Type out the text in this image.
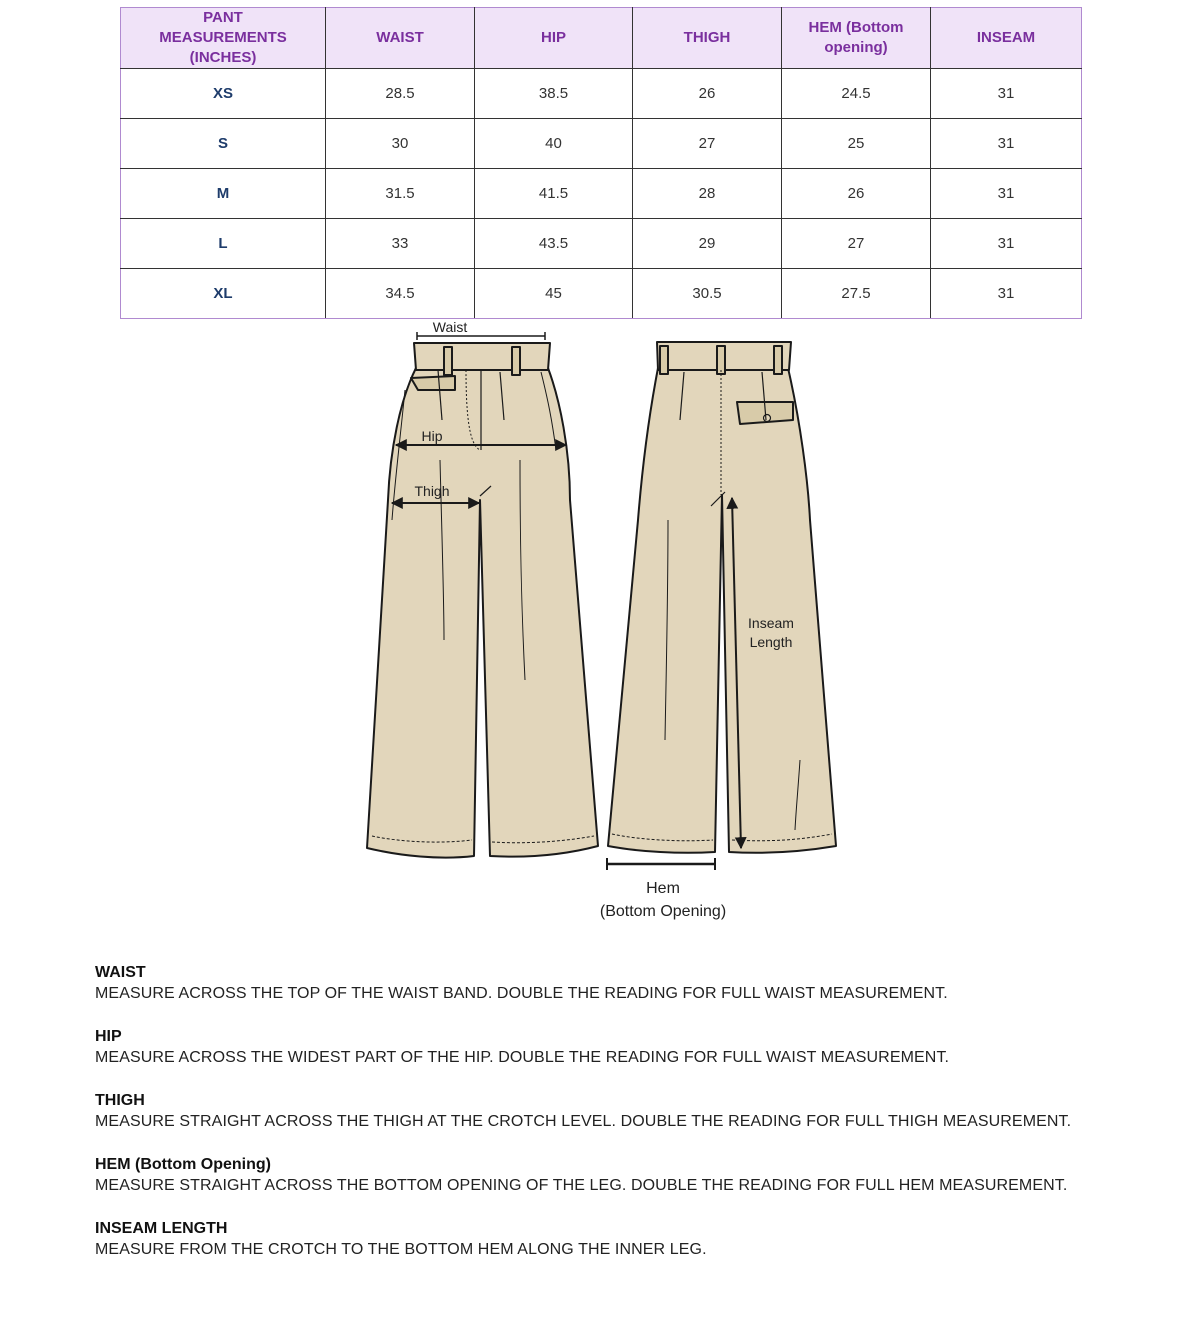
PANT MEASUREMENTS (INCHES)	WAIST	HIP	THIGH	HEM (Bottom opening)	INSEAM
XS	28.5	38.5	26	24.5	31
S	30	40	27	25	31
M	31.5	41.5	28	26	31
L	33	43.5	29	27	31
XL	34.5	45	30.5	27.5	31
Waist
Hip
Thigh
Inseam
Length
Hem
(Bottom Opening)
WAIST
MEASURE ACROSS THE TOP OF THE WAIST BAND. DOUBLE THE READING FOR FULL WAIST MEASUREMENT.
HIP
MEASURE ACROSS THE WIDEST PART OF THE HIP. DOUBLE THE READING FOR FULL WAIST MEASUREMENT.
THIGH
MEASURE STRAIGHT ACROSS THE THIGH AT THE CROTCH LEVEL. DOUBLE THE READING FOR FULL THIGH MEASUREMENT.
HEM (Bottom Opening)
MEASURE STRAIGHT ACROSS THE BOTTOM OPENING OF THE LEG. DOUBLE THE READING FOR FULL HEM MEASUREMENT.
INSEAM LENGTH
MEASURE FROM THE CROTCH TO THE BOTTOM HEM ALONG THE INNER LEG.
